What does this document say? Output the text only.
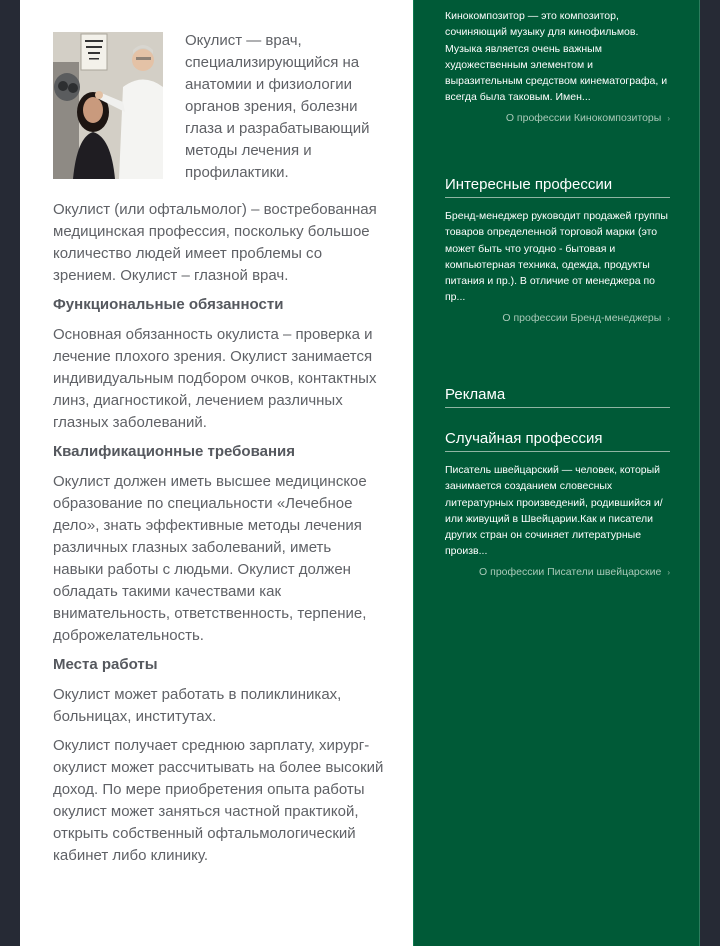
Окулист — врач, специализирующийся на анатомии и физиологии органов зрения, болезни глаза и разрабатывающий методы лечения и профилактики.

Окулист (или офтальмолог) – востребованная медицинская профессия, поскольку большое количество людей имеет проблемы со зрением. Окулист – глазной врач.

Функциональные обязанности

Основная обязанность окулиста – проверка и лечение плохого зрения. Окулист занимается индивидуальным подбором очков, контактных линз, диагностикой, лечением различных глазных заболеваний.

Квалификационные требования

Окулист должен иметь высшее медицинское образование по специальности «Лечебное дело», знать эффективные методы лечения различных глазных заболеваний, иметь навыки работы с людьми. Окулист должен обладать такими качествами как внимательность, ответственность, терпение, доброжелательность.

Места работы

Окулист может работать в поликлиниках, больницах, институтах.

Окулист получает среднюю зарплату, хирург-окулист может рассчитывать на более высокий доход. По мере приобретения опыта работы окулист может заняться частной практикой, открыть собственный офтальмологический кабинет либо клинику.

Кинокомпозитор — это композитор, сочиняющий музыку для кинофильмов. Музыка является очень важным художественным элементом и выразительным средством кинематографа, и всегда была таковым. Имен...
О профессии Кинокомпозиторы ›
Интересные профессии
Бренд-менеджер руководит продажей группы товаров определенной торговой марки (это может быть что угодно - бытовая и компьютерная техника, одежда, продукты питания и пр.). В отличие от менеджера по пр...
О профессии Бренд-менеджеры ›
Реклама
Случайная профессия
Писатель швейцарский — человек, который занимается созданием словесных литературных произведений, родившийся и/или живущий в Швейцарии.Как и писатели других стран он сочиняет литературные произв...
О профессии Писатели швейцарские ›
